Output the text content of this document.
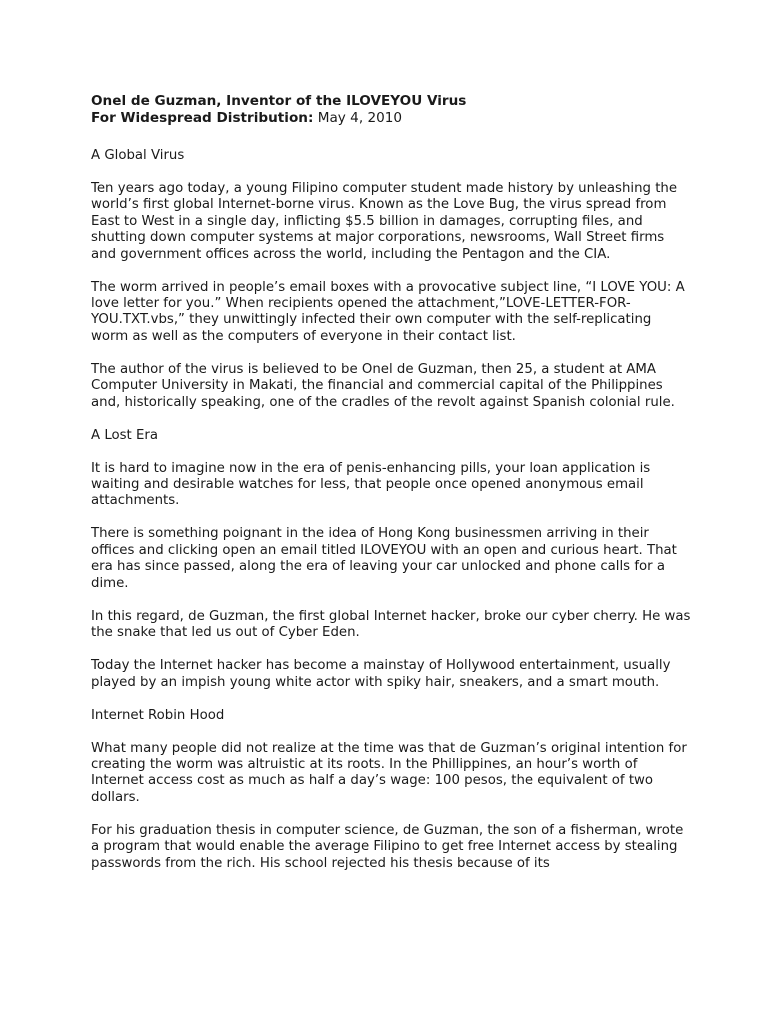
Onel de Guzman, Inventor of the ILOVEYOU Virus

For Widespread Distribution: May 4, 2010

A Global Virus

Ten years ago today, a young Filipino computer student made history by unleashing the world’s first global Internet-borne virus. Known as the Love Bug, the virus spread from East to West in a single day, inflicting $5.5 billion in damages, corrupting files, and shutting down computer systems at major corporations, newsrooms, Wall Street firms and government offices across the world, including the Pentagon and the CIA.

The worm arrived in people’s email boxes with a provocative subject line, “I LOVE YOU: A love letter for you.” When recipients opened the attachment,”LOVE-LETTER-FOR-YOU.TXT.vbs,” they unwittingly infected their own computer with the self-replicating worm as well as the computers of everyone in their contact list.

The author of the virus is believed to be Onel de Guzman, then 25, a student at AMA Computer University in Makati, the financial and commercial capital of the Philippines and, historically speaking, one of the cradles of the revolt against Spanish colonial rule.

A Lost Era

It is hard to imagine now in the era of penis-enhancing pills, your loan application is waiting and desirable watches for less, that people once opened anonymous email attachments.

There is something poignant in the idea of Hong Kong businessmen arriving in their offices and clicking open an email titled ILOVEYOU with an open and curious heart. That era has since passed, along the era of leaving your car unlocked and phone calls for a dime.

In this regard, de Guzman, the first global Internet hacker, broke our cyber cherry. He was the snake that led us out of Cyber Eden.

Today the Internet hacker has become a mainstay of Hollywood entertainment, usually played by an impish young white actor with spiky hair, sneakers, and a smart mouth.

Internet Robin Hood

What many people did not realize at the time was that de Guzman’s original intention for creating the worm was altruistic at its roots. In the Phillippines, an hour’s worth of Internet access cost as much as half a day’s wage: 100 pesos, the equivalent of two dollars.

For his graduation thesis in computer science, de Guzman, the son of a fisherman, wrote a program that would enable the average Filipino to get free Internet access by stealing passwords from the rich. His school rejected his thesis because of its
